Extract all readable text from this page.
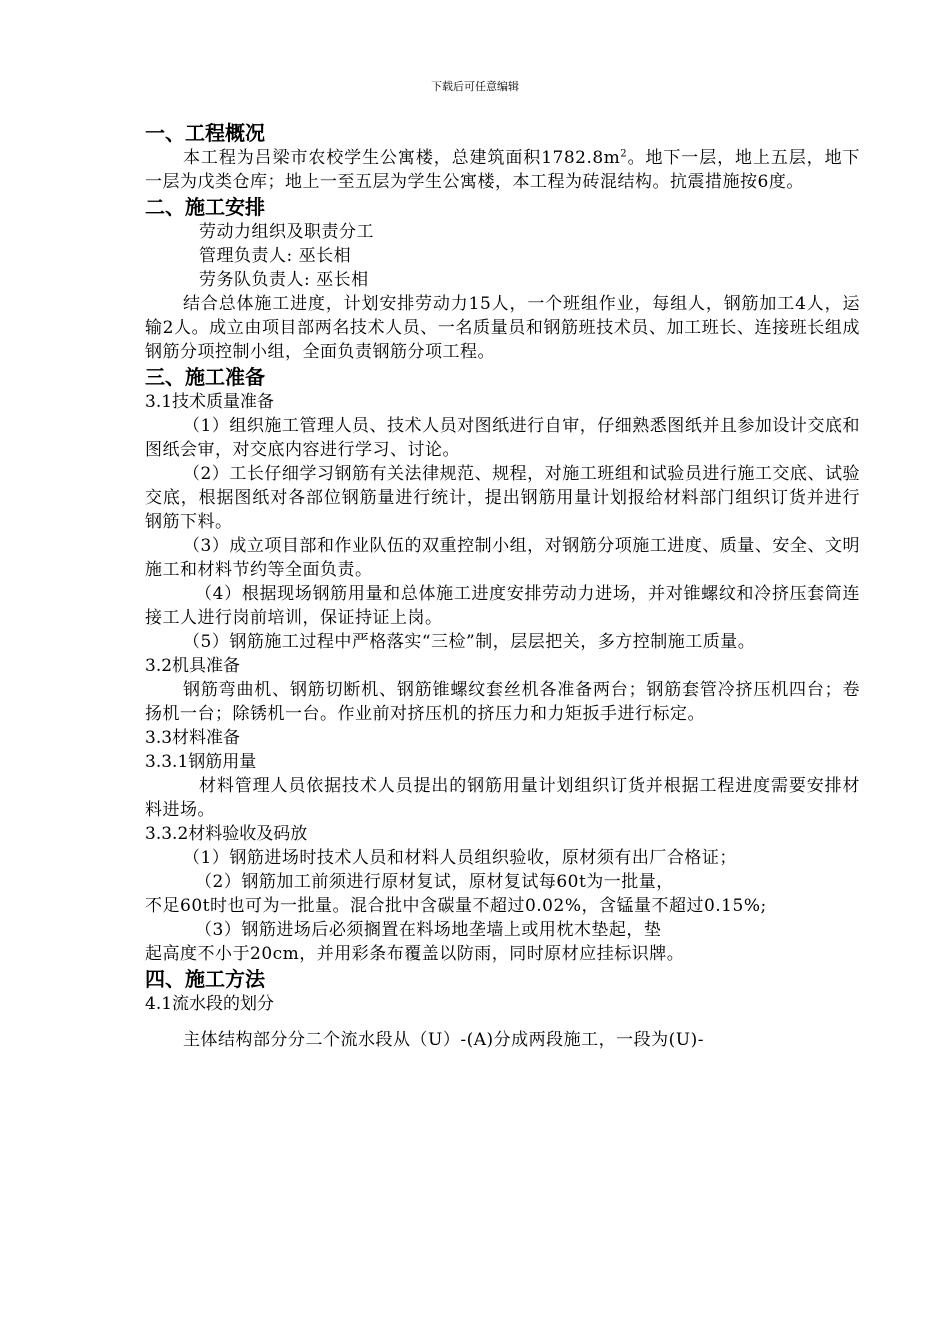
下载后可任意编辑

一、工程概况

本工程为吕梁市农校学生公寓楼，总建筑面积$1782.8m^2$。地下一层，地上五层，地下一层为戊类仓库；地上一至五层为学生公寓楼，本工程为砖混结构。抗震措施按6度。

二、施工安排

劳动力组织及职责分工

管理负责人: 巫长相

劳务队负责人: 巫长相

结合总体施工进度，计划安排劳动力15人，一个班组作业，每组人，钢筋加工4人，运输2人。成立由项目部两名技术人员、一名质量员和钢筋班技术员、加工班长、连接班长组成钢筋分项控制小组，全面负责钢筋分项工程。

三、施工准备

3.1技术质量准备

（1）组织施工管理人员、技术人员对图纸进行自审，仔细熟悉图纸并且参加设计交底和图纸会审，对交底内容进行学习、讨论。

（2）工长仔细学习钢筋有关法律规范、规程，对施工班组和试验员进行施工交底、试验交底，根据图纸对各部位钢筋量进行统计，提出钢筋用量计划报给材料部门组织订货并进行钢筋下料。

（3）成立项目部和作业队伍的双重控制小组，对钢筋分项施工进度、质量、安全、文明施工和材料节约等全面负责。

（4）根据现场钢筋用量和总体施工进度安排劳动力进场，并对锥螺纹和冷挤压套筒连接工人进行岗前培训，保证持证上岗。

（5）钢筋施工过程中严格落实“三检”制，层层把关，多方控制施工质量。

3.2机具准备

钢筋弯曲机、钢筋切断机、钢筋锥螺纹套丝机各准备两台；钢筋套管冷挤压机四台；卷扬机一台；除锈机一台。作业前对挤压机的挤压力和力矩扳手进行标定。

3.3材料准备

3.3.1钢筋用量

材料管理人员依据技术人员提出的钢筋用量计划组织订货并根据工程进度需要安排材料进场。

3.3.2材料验收及码放

（1）钢筋进场时技术人员和材料人员组织验收，原材须有出厂合格证；

（2）钢筋加工前须进行原材复试，原材复试每60t为一批量，

不足60t时也可为一批量。混合批中含碳量不超过0.02%，含锰量不超过0.15%;

（3）钢筋进场后必须搁置在料场地垄墙上或用枕木垫起，垫

起高度不小于20cm，并用彩条布覆盖以防雨，同时原材应挂标识牌。

四、施工方法

4.1流水段的划分

主体结构部分分二个流水段从（U）-(A)分成两段施工，一段为(U)-
